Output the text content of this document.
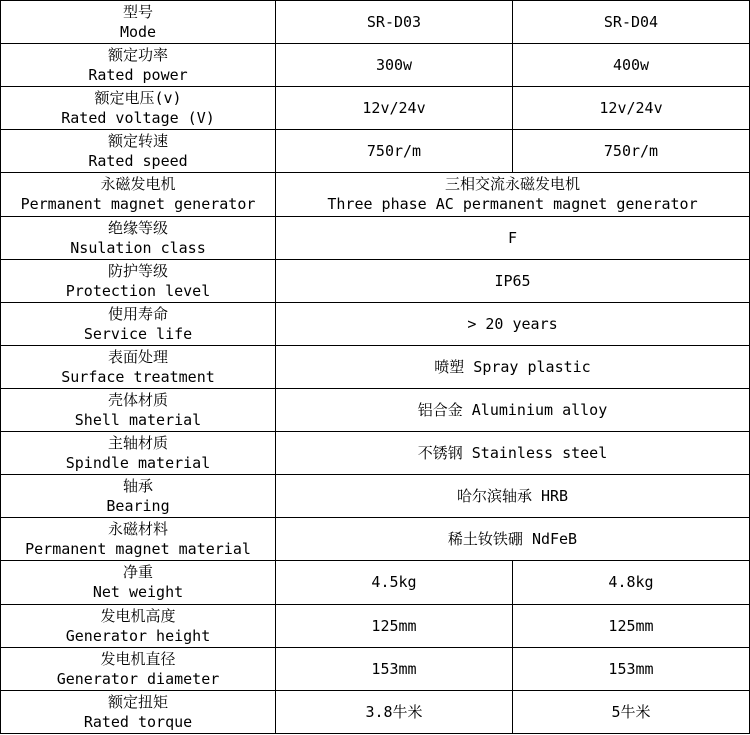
型号
Mode	SR-D03	SR-D04

额定功率
Rated power	300w	400w

额定电压(v)
Rated voltage (V)	12v/24v	12v/24v

额定转速
Rated speed	750r/m	750r/m

永磁发电机
Permanent magnet generator	三相交流永磁发电机
Three phase AC permanent magnet generator	

绝缘等级
Nsulation class	F	

防护等级
Protection level	IP65	

使用寿命
Service life	> 20 years	

表面处理
Surface treatment	喷塑 Spray plastic	

壳体材质
Shell material	铝合金 Aluminium alloy	

主轴材质
Spindle material	不锈钢 Stainless steel	

轴承
Bearing	哈尔滨轴承 HRB	

永磁材料
Permanent magnet material	稀土钕铁硼 NdFeB	

净重
Net weight	4.5kg	4.8kg

发电机高度
Generator height	125mm	125mm

发电机直径
Generator diameter	153mm	153mm

额定扭矩
Rated torque	3.8牛米	5牛米
